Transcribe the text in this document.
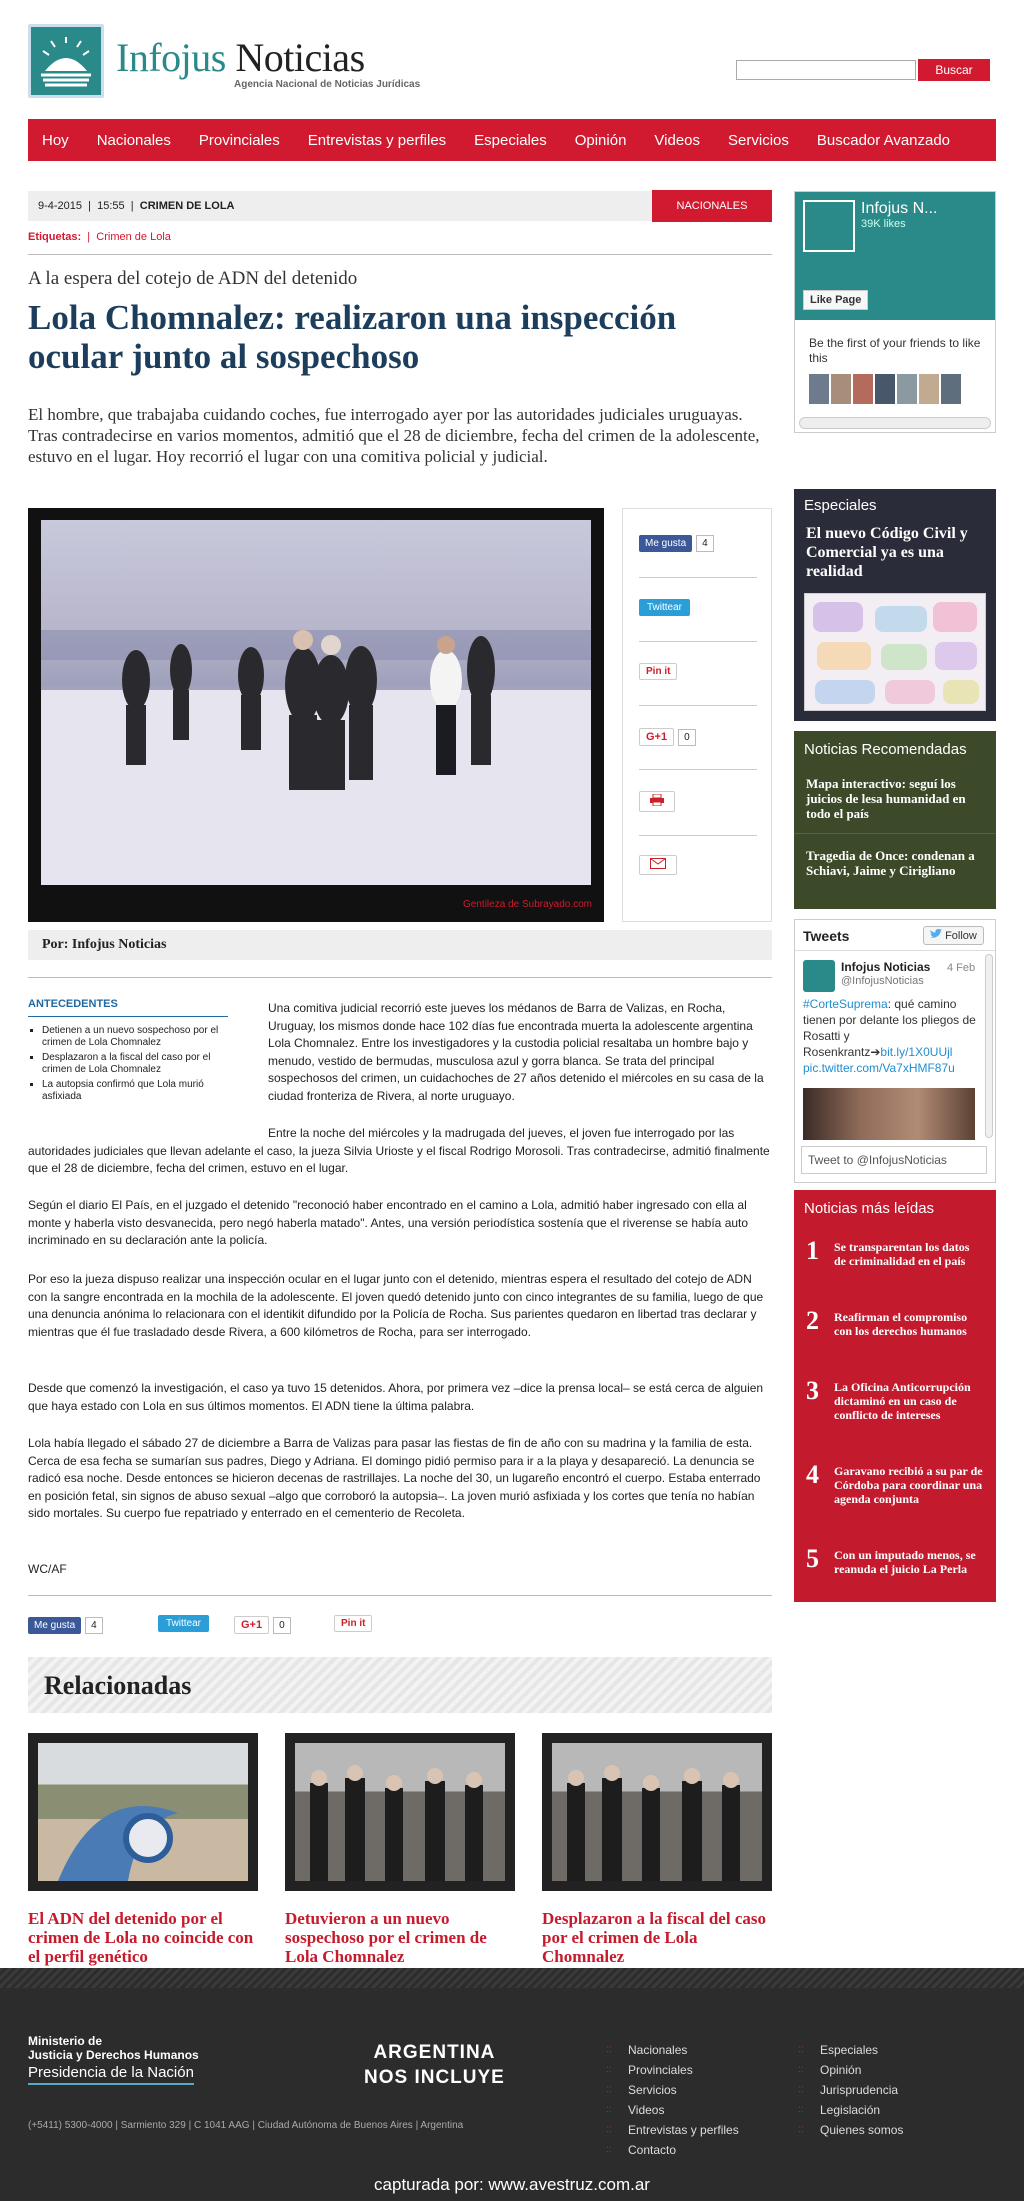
Infojus Noticias
Agencia Nacional de Noticias Jurídicas
Buscar
Hoy Nacionales Provinciales Entrevistas y perfiles Especiales Opinión Videos Servicios Buscador Avanzado
9-4-2015  |  15:55  |  CRIMEN DE LOLA	NACIONALES
Etiquetas:  |  Crimen de Lola
A la espera del cotejo de ADN del detenido
Lola Chomnalez: realizaron una inspección ocular junto al sospechoso
El hombre, que trabajaba cuidando coches, fue interrogado ayer por las autoridades judiciales uruguayas. Tras contradecirse en varios momentos, admitió que el 28 de diciembre, fecha del crimen de la adolescente, estuvo en el lugar. Hoy recorrió el lugar con una comitiva policial y judicial.
Gentileza de Subrayado.com
Me gusta 4
Twittear
Pin it
G+1 0
Por: Infojus Noticias
ANTECEDENTES
▪ Detienen a un nuevo sospechoso por el crimen de Lola Chomnalez
▪ Desplazaron a la fiscal del caso por el crimen de Lola Chomnalez
▪ La autopsia confirmó que Lola murió asfixiada
Una comitiva judicial recorrió este jueves los médanos de Barra de Valizas, en Rocha, Uruguay, los mismos donde hace 102 días fue encontrada muerta la adolescente argentina Lola Chomnalez. Entre los investigadores y la custodia policial resaltaba un hombre bajo y menudo, vestido de bermudas, musculosa azul y gorra blanca. Se trata del principal sospechosos del crimen, un cuidachoches de 27 años detenido el miércoles en su casa de la ciudad fronteriza de Rivera, al norte uruguayo.
Entre la noche del miércoles y la madrugada del jueves, el joven fue interrogado por las autoridades judiciales que llevan adelante el caso, la jueza Silvia Urioste y el fiscal Rodrigo Morosoli. Tras contradecirse, admitió finalmente que el 28 de diciembre, fecha del crimen, estuvo en el lugar.
Según el diario El País, en el juzgado el detenido "reconoció haber encontrado en el camino a Lola, admitió haber ingresado con ella al monte y haberla visto desvanecida, pero negó haberla matado". Antes, una versión periodística sostenía que el riverense se había auto incriminado en su declaración ante la policía.
Por eso la jueza dispuso realizar una inspección ocular en el lugar junto con el detenido, mientras espera el resultado del cotejo de ADN con la sangre encontrada en la mochila de la adolescente. El joven quedó detenido junto con cinco integrantes de su familia, luego de que una denuncia anónima lo relacionara con el identikit difundido por la Policía de Rocha. Sus parientes quedaron en libertad tras declarar y mientras que él fue trasladado desde Rivera, a 600 kilómetros de Rocha, para ser interrogado.
Desde que comenzó la investigación, el caso ya tuvo 15 detenidos. Ahora, por primera vez –dice la prensa local– se está cerca de alguien que haya estado con Lola en sus últimos momentos. El ADN tiene la última palabra.
Lola había llegado el sábado 27 de diciembre a Barra de Valizas para pasar las fiestas de fin de año con su madrina y la familia de esta. Cerca de esa fecha se sumarían sus padres, Diego y Adriana. El domingo pidió permiso para ir a la playa y desapareció. La denuncia se radicó esa noche. Desde entonces se hicieron decenas de rastrillajes. La noche del 30, un lugareño encontró el cuerpo. Estaba enterrado en posición fetal, sin signos de abuso sexual –algo que corroboró la autopsia–. La joven murió asfixiada y los cortes que tenía no habían sido mortales. Su cuerpo fue repatriado y enterrado en el cementerio de Recoleta.
WC/AF
Me gusta 4	Twittear	G+1 0	Pin it
Relacionadas
El ADN del detenido por el crimen de Lola no coincide con el perfil genético
Detuvieron a un nuevo sospechoso por el crimen de Lola Chomnalez
Desplazaron a la fiscal del caso por el crimen de Lola Chomnalez
Infojus N...
39K likes
Like Page
Be the first of your friends to like this
Especiales
El nuevo Código Civil y Comercial ya es una realidad
Noticias Recomendadas
Mapa interactivo: seguí los juicios de lesa humanidad en todo el país
Tragedia de Once: condenan a Schiavi, Jaime y Cirigliano
Tweets	Follow
Infojus Noticias
@InfojusNoticias
4 Feb
#CorteSuprema: qué camino tienen por delante los pliegos de Rosatti y Rosenkrantz➔bit.ly/1X0UUjl pic.twitter.com/Va7xHMF87u
Tweet to @InfojusNoticias
Noticias más leídas
1 Se transparentan los datos de criminalidad en el país
2 Reafirman el compromiso con los derechos humanos
3 La Oficina Anticorrupción dictaminó en un caso de conflicto de intereses
4 Garavano recibió a su par de Córdoba para coordinar una agenda conjunta
5 Con un imputado menos, se reanuda el juicio La Perla
Ministerio de
Justicia y Derechos Humanos
Presidencia de la Nación
ARGENTINA
NOS INCLUYE
(+5411) 5300-4000 | Sarmiento 329 | C 1041 AAG | Ciudad Autónoma de Buenos Aires | Argentina
:: Nacionales
:: Provinciales
:: Servicios
:: Videos
:: Entrevistas y perfiles
:: Contacto
:: Especiales
:: Opinión
:: Jurisprudencia
:: Legislación
:: Quienes somos
capturada por: www.avestruz.com.ar
